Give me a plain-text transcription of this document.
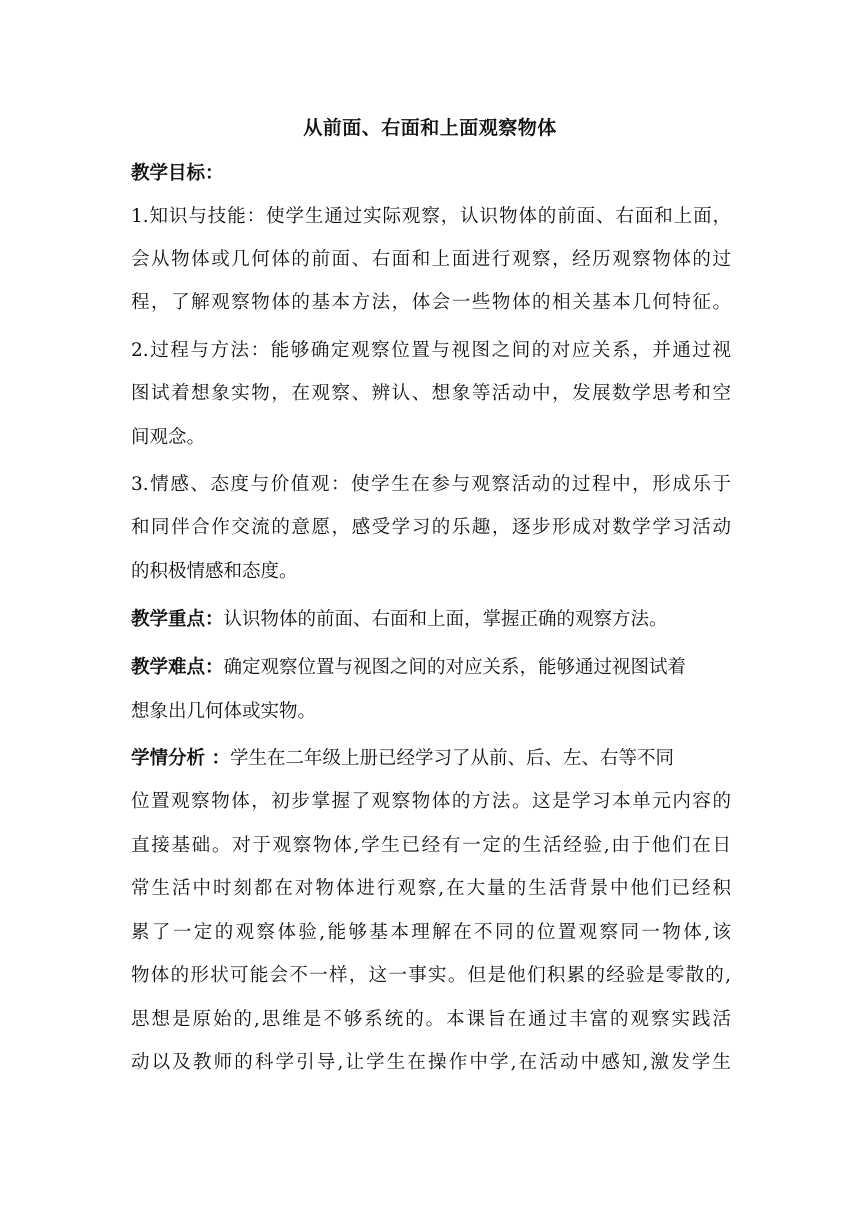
从前面、右面和上面观察物体
教学目标：
1.知识与技能：使学生通过实际观察，认识物体的前面、右面和上面，
会从物体或几何体的前面、右面和上面进行观察，经历观察物体的过
程，了解观察物体的基本方法，体会一些物体的相关基本几何特征。
2.过程与方法：能够确定观察位置与视图之间的对应关系，并通过视
图试着想象实物，在观察、辨认、想象等活动中，发展数学思考和空
间观念。
3.情感、态度与价值观：使学生在参与观察活动的过程中，形成乐于
和同伴合作交流的意愿，感受学习的乐趣，逐步形成对数学学习活动
的积极情感和态度。
教学重点：认识物体的前面、右面和上面，掌握正确的观察方法。
教学难点：确定观察位置与视图之间的对应关系，能够通过视图试着
想象出几何体或实物。
学情分析 ：学生在二年级上册已经学习了从前、后、左、右等不同
位置观察物体，初步掌握了观察物体的方法。这是学习本单元内容的
直接基础。对于观察物体,学生已经有一定的生活经验,由于他们在日
常生活中时刻都在对物体进行观察,在大量的生活背景中他们已经积
累了一定的观察体验,能够基本理解在不同的位置观察同一物体,该
物体的形状可能会不一样，这一事实。但是他们积累的经验是零散的,
思想是原始的,思维是不够系统的。本课旨在通过丰富的观察实践活
动以及教师的科学引导,让学生在操作中学,在活动中感知,激发学生
